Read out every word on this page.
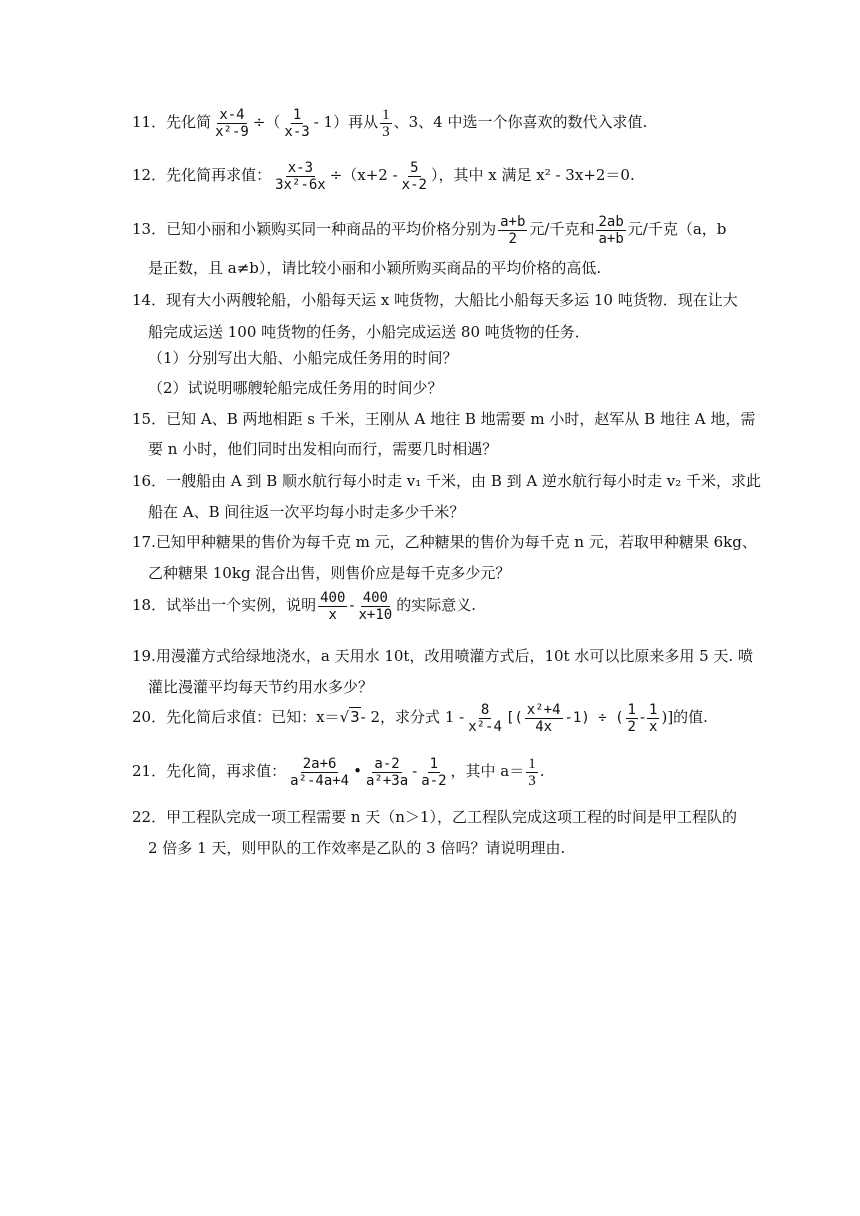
11．先化简 $\frac{x-4}{\text{x²-9}}$ ÷（ $\frac{1}{x-3} - 1$）再从 $\frac{1}{3}$ 、3、4 中选一个你喜欢的数代入求值.
12．先化简再求值： $\frac{x-3}{\text{3x²-6x}} \div(x+2 - \frac{5}{x-2}$ ），其中 x 满足 x² - 3x+2＝0.
13．已知小丽和小颖购买同一种商品的平均价格分别为 $\frac{a+b}{2}$ 元/千克和 $\frac{2ab}{a+b}$ 元/千克（a，b
是正数，且 a≠b），请比较小丽和小颖所购买商品的平均价格的高低.
14．现有大小两艘轮船，小船每天运 x 吨货物，大船比小船每天多运 10 吨货物．现在让大
船完成运送 100 吨货物的任务，小船完成运送 80 吨货物的任务．
（1）分别写出大船、小船完成任务用的时间？
（2）试说明哪艘轮船完成任务用的时间少？
15．已知 A、B 两地相距 s 千米，王刚从 A 地往 B 地需要 m 小时，赵军从 B 地往 A 地，需
要 n 小时，他们同时出发相向而行，需要几时相遇？
16．一艘船由 A 到 B 顺水航行每小时走 v₁ 千米，由 B 到 A 逆水航行每小时走 v₂ 千米，求此
船在 A、B 间往返一次平均每小时走多少千米？
17.已知甲种糖果的售价为每千克 m 元，乙种糖果的售价为每千克 n 元，若取甲种糖果 6kg、
乙种糖果 10kg 混合出售，则售价应是每千克多少元？
18．试举出一个实例，说明 $\frac{400}{x} - \frac{400}{x+10}$ 的实际意义.
19.用漫灌方式给绿地浇水，a 天用水 10t，改用喷灌方式后，10t 水可以比原来多用 5 天. 喷
灌比漫灌平均每天节约用水多少？
20．先化简后求值：已知：x＝√3- 2，求分式 $1 - \frac{8}{\text{x²-4}}$ [( $\frac{\text{x²+4}}{4x} -1$) ÷ ( $\frac{1}{2} - \frac{1}{x}$ )]的值.
21．先化简，再求值： $\frac{2a+6}{\text{a²-4a+4}}$ • $\frac{a-2}{\text{a²+3a}} - \frac{1}{a-2}$ ，其中 $a= \frac{1}{3}$ .
22．甲工程队完成一项工程需要 n 天（n＞1），乙工程队完成这项工程的时间是甲工程队的
2 倍多 1 天，则甲队的工作效率是乙队的 3 倍吗？请说明理由.
